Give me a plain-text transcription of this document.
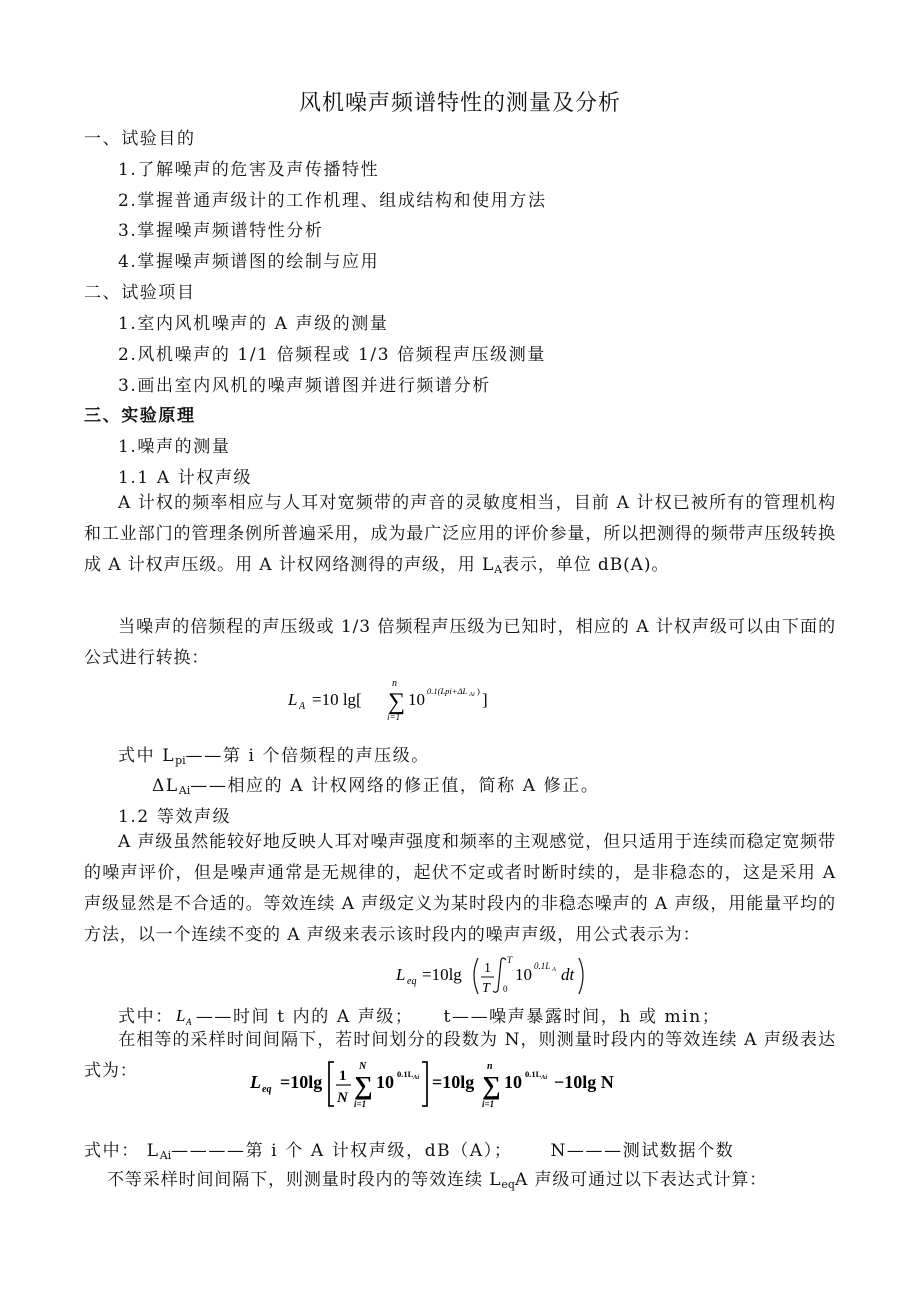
风机噪声频谱特性的测量及分析
一、试验目的
1.了解噪声的危害及声传播特性
2.掌握普通声级计的工作机理、组成结构和使用方法
3.掌握噪声频谱特性分析
4.掌握噪声频谱图的绘制与应用
二、试验项目
1.室内风机噪声的 A 声级的测量
2.风机噪声的 1/1 倍频程或 1/3 倍频程声压级测量
3.画出室内风机的噪声频谱图并进行频谱分析
三、实验原理
1.噪声的测量
1.1 A 计权声级
A 计权的频率相应与人耳对宽频带的声音的灵敏度相当，目前 A 计权已被所有的管理机构和工业部门的管理条例所普遍采用，成为最广泛应用的评价参量，所以把测得的频带声压级转换成 A 计权声压级。用 A 计权网络测得的声级，用 $L_A$表示，单位 dB(A)。
当噪声的倍频程的声压级或 1/3 倍频程声压级为已知时，相应的 A 计权声级可以由下面的公式进行转换：
L A =10 lg[ ∑
n
i=1
10 0.1(Lpi+ΔL Ai ) ]
式中 $L_{pi}——$第 i 个倍频程的声压级。
$\Delta L_{Ai}——$相应的 A 计权网络的修正值，简称 A 修正。
1.2 等效声级
A 声级虽然能较好地反映人耳对噪声强度和频率的主观感觉，但只适用于连续而稳定宽频带的噪声评价，但是噪声通常是无规律的，起伏不定或者时断时续的，是非稳态的，这是采用 A 声级显然是不合适的。等效连续 A 声级定义为某时段内的非稳态噪声的 A 声级，用能量平均的方法，以一个连续不变的 A 声级来表示该时段内的噪声声级，用公式表示为：
L eq =10lg 1
T
T
0
10 0.1L A dt
式中： L
A ——时间 t 内的 A 声级； t——噪声暴露时间，h 或 min；
在相等的采样时间间隔下，若时间划分的段数为 N，则测量时段内的等效连续 A 声级表达式为：
L eq =10lg 1
N ∑
N
i=1
10 0.1L Ai =10lg ∑
n
i=1
10 0.1L Ai −10lg N
式中： $L_{Ai}————$第 i 个 A 计权声级，dB（A）； N———测试数据个数
不等采样时间间隔下，则测量时段内的等效连续 $L_{eq}A$ 声级可通过以下表达式计算：
